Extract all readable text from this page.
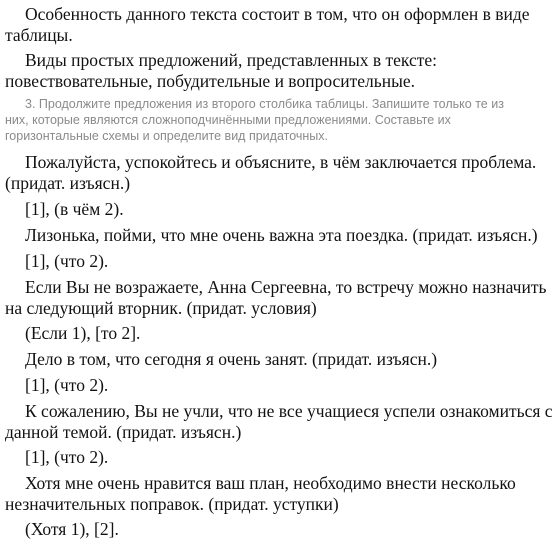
Особенность данного текста состоит в том, что он оформлен в виде
таблицы.

Виды простых предложений, представленных в тексте:
повествовательные, побудительные и вопросительные.

3. Продолжите предложения из второго столбика таблицы. Запишите только те из
них, которые являются сложноподчинёнными предложениями. Составьте их
горизонтальные схемы и определите вид придаточных.

Пожалуйста, успокойтесь и объясните, в чём заключается проблема.
(придат. изъясн.)

[1], (в чём 2).

Лизонька, пойми, что мне очень важна эта поездка. (придат. изъясн.)

[1], (что 2).

Если Вы не возражаете, Анна Сергеевна, то встречу можно назначить
на следующий вторник. (придат. условия)

(Если 1), [то 2].

Дело в том, что сегодня я очень занят. (придат. изъясн.)

[1], (что 2).

К сожалению, Вы не учли, что не все учащиеся успели ознакомиться с
данной темой. (придат. изъясн.)

[1], (что 2).

Хотя мне очень нравится ваш план, необходимо внести несколько
незначительных поправок. (придат. уступки)

(Хотя 1), [2].
